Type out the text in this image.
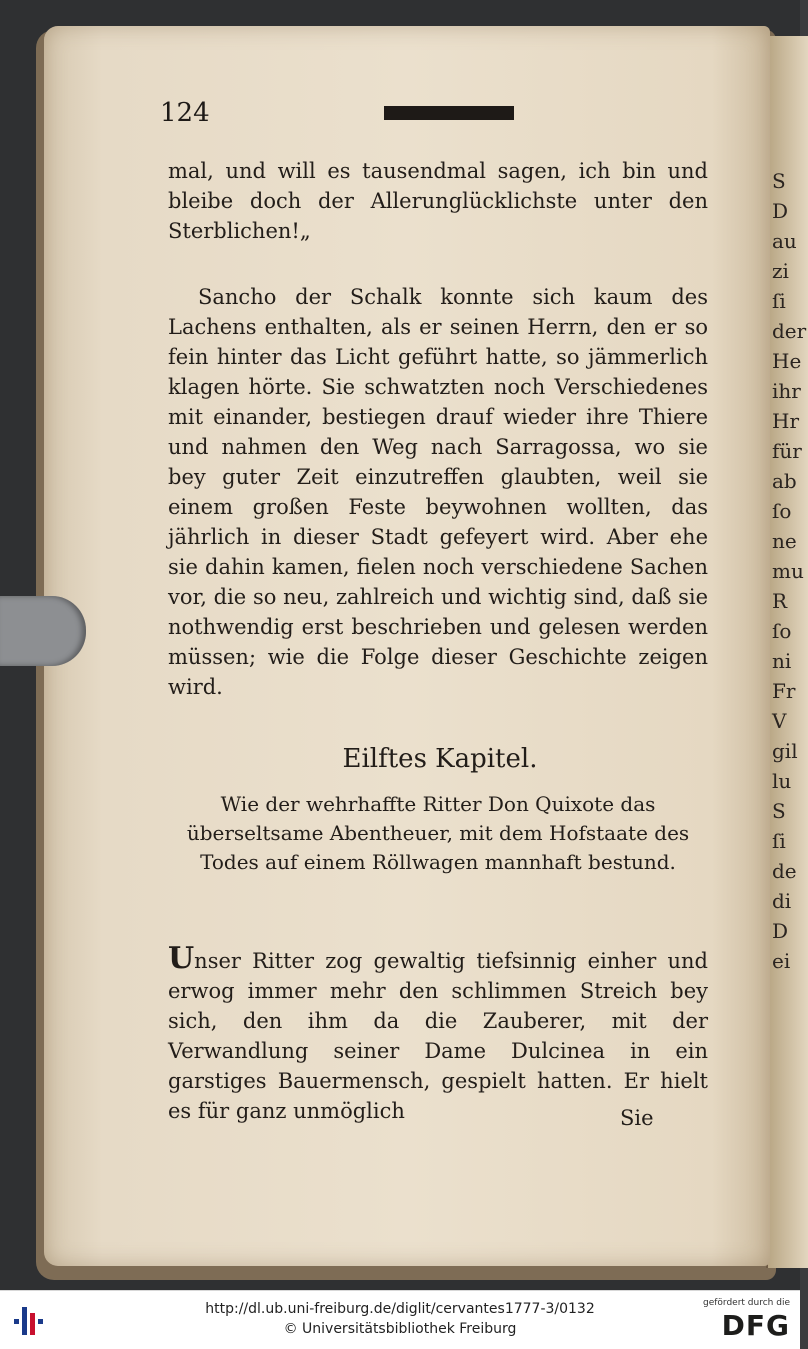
S
D
au
zi
ſi
der
He
ihr
Hr
für
ab
ſo
ne
mu
R
ſo
ni
Fr
V
gil
lu
S
ſi
de
di
D
ei
124

mal, und will es tausendmal sagen, ich bin und bleibe doch der Allerunglücklichste unter den Sterblichen!„

Sancho der Schalk konnte sich kaum des Lachens enthalten, als er seinen Herrn, den er so fein hinter das Licht geführt hatte, so jämmerlich klagen hörte. Sie schwatzten noch Verschiedenes mit einander, bestiegen drauf wieder ihre Thiere und nahmen den Weg nach Sarragossa, wo sie bey guter Zeit einzutreffen glaubten, weil sie einem großen Feste beywohnen wollten, das jährlich in dieser Stadt gefeyert wird. Aber ehe sie dahin kamen, fielen noch verschiedene Sachen vor, die so neu, zahlreich und wichtig sind, daß sie nothwendig erst beschrieben und gelesen werden müssen; wie die Folge dieser Geschichte zeigen wird.

Eilftes Kapitel.
Wie der wehrhaffte Ritter Don Quixote das überseltsame Abentheuer, mit dem Hofstaate des Todes auf einem Röllwagen mannhaft bestund.

Unser Ritter zog gewaltig tiefsinnig einher und erwog immer mehr den schlimmen Streich bey sich, den ihm da die Zauberer, mit der Verwandlung seiner Dame Dulcinea in ein garstiges Bauermensch, gespielt hatten. Er hielt es für ganz unmöglich	Sie
http://dl.ub.uni-freiburg.de/diglit/cervantes1777-3/0132
© Universitätsbibliothek Freiburg
gefördert durch die
DFG
